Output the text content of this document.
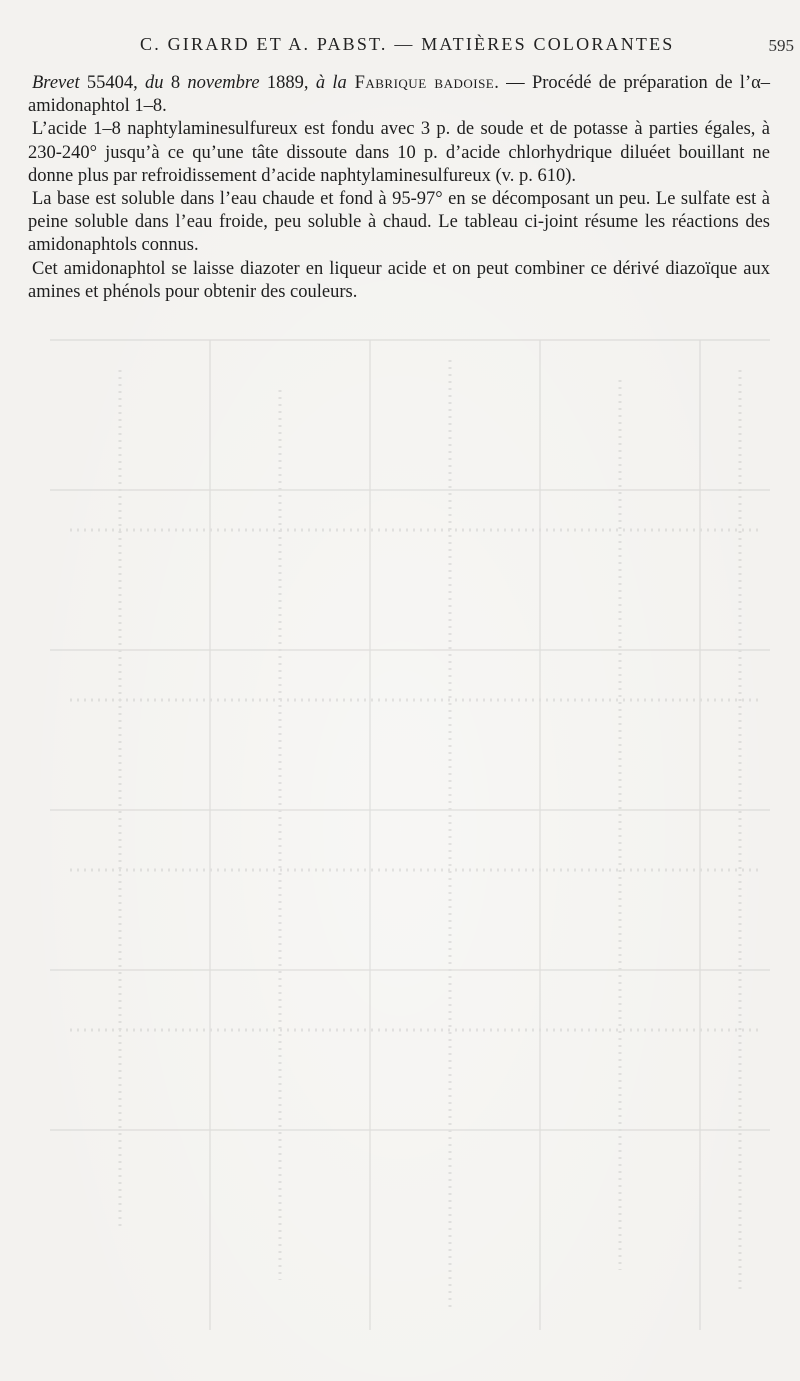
C. GIRARD ET A. PABST. — MATIÈRES COLORANTES	595

Brevet 55404, du 8 novembre 1889, à la Fabrique badoise. — Procédé de préparation de l’α–amidonaphtol 1–8.

L’acide 1–8 naphtylaminesulfureux est fondu avec 3 p. de soude et de potasse à parties égales, à 230-240° jusqu’à ce qu’une tâte dissoute dans 10 p. d’acide chlorhydrique diluéet bouillant ne donne plus par refroidissement d’acide naphtylaminesulfureux (v. p. 610).

La base est soluble dans l’eau chaude et fond à 95-97° en se décomposant un peu. Le sulfate est à peine soluble dans l’eau froide, peu soluble à chaud. Le tableau ci-joint résume les réactions des amidonaphtols connus.

Cet amidonaphtol se laisse diazoter en liqueur acide et on peut combiner ce dérivé diazoïque aux amines et phénols pour obtenir des couleurs.
